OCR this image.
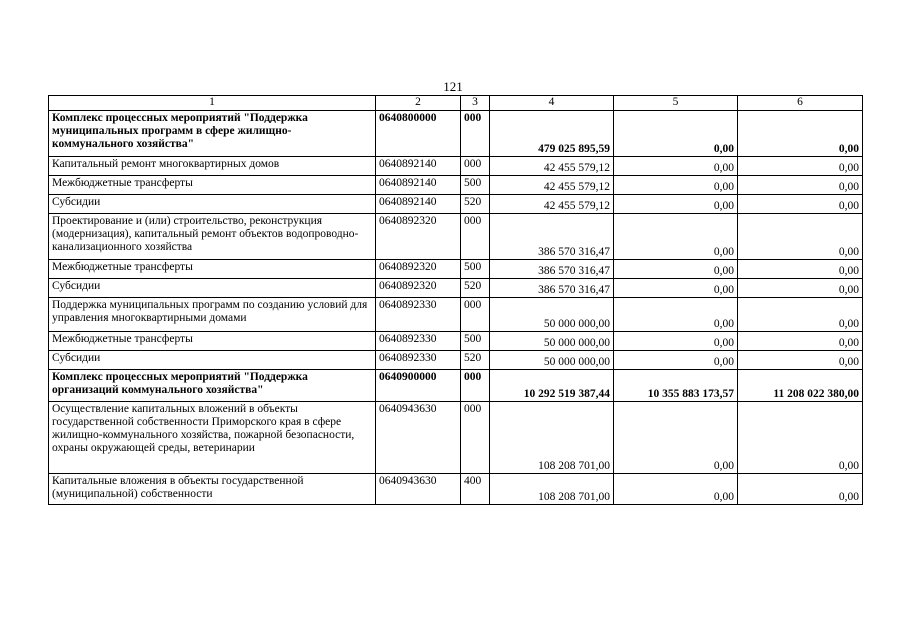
121
1	2	3	4	5	6
Комплекс процессных мероприятий "Поддержка муниципальных программ в сфере жилищно-коммунального хозяйства"	0640800000	000	479 025 895,59	0,00	0,00
Капитальный ремонт многоквартирных домов	0640892140	000	42 455 579,12	0,00	0,00
Межбюджетные трансферты	0640892140	500	42 455 579,12	0,00	0,00
Субсидии	0640892140	520	42 455 579,12	0,00	0,00
Проектирование и (или) строительство, реконструкция (модернизация), капитальный ремонт объектов водопроводно-канализационного хозяйства	0640892320	000	386 570 316,47	0,00	0,00
Межбюджетные трансферты	0640892320	500	386 570 316,47	0,00	0,00
Субсидии	0640892320	520	386 570 316,47	0,00	0,00
Поддержка муниципальных программ по созданию условий для управления многоквартирными домами	0640892330	000	50 000 000,00	0,00	0,00
Межбюджетные трансферты	0640892330	500	50 000 000,00	0,00	0,00
Субсидии	0640892330	520	50 000 000,00	0,00	0,00
Комплекс процессных мероприятий "Поддержка организаций коммунального хозяйства"	0640900000	000	10 292 519 387,44	10 355 883 173,57	11 208 022 380,00
Осуществление капитальных вложений в объекты государственной собственности Приморского края в сфере жилищно-коммунального хозяйства, пожарной безопасности, охраны окружающей среды, ветеринарии	0640943630	000	108 208 701,00	0,00	0,00
Капитальные вложения в объекты государственной (муниципальной) собственности	0640943630	400	108 208 701,00	0,00	0,00
